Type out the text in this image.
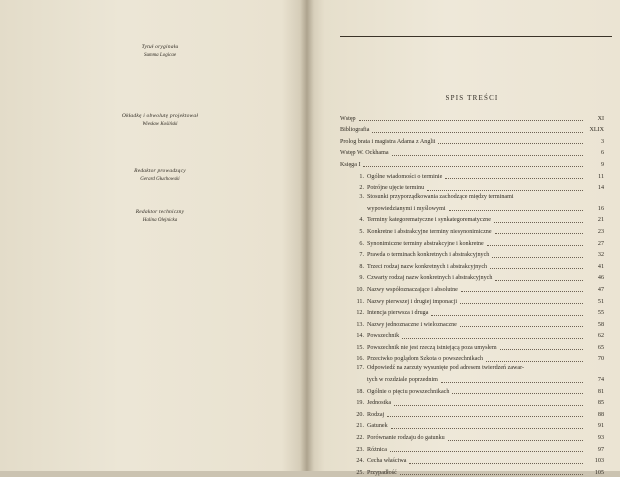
Tytuł oryginału
Summa Logicae
Okładkę i obwolutę projektował
Wiesław Kośiński
Redaktor prowadzący
Gerard Głuchowski
Redaktor techniczny
Halina Olejnicka
SPIS TREŚCI
Wstęp	XI
Bibliografia	XLIX
Prolog brata i magistra Adama z Anglii	3
Wstęp W. Ockhama	6
Księga I	9
1. Ogólne wiadomości o terminie	11
2. Potrójne ujęcie terminu	14
3. Stosunki przyporządkowania zachodzące między terminami
wypowiedzianymi i myślowymi	16
4. Terminy kategorematyczne i synkategorematyczne	21
5. Konkretne i abstrakcyjne terminy niesynonimiczne	23
6. Synonimiczne terminy abstrakcyjne i konkretne	27
7. Prawda o terminach konkretnych i abstrakcyjnych	32
8. Trzeci rodzaj nazw konkretnych i abstrakcyjnych	41
9. Czwarty rodzaj nazw konkretnych i abstrakcyjnych	46
10. Nazwy współoznaczające i absolutne	47
11. Nazwy pierwszej i drugiej imponacji	51
12. Intencja pierwsza i druga	55
13. Nazwy jednoznaczne i wieloznaczne	58
14. Powszechnik	62
15. Powszechnik nie jest rzeczą istniejącą poza umysłem	65
16. Przeciwko poglądom Szkota o powszechnikach	70
17. Odpowiedź na zarzuty wysunięte pod adresem twierdzeń zawar-
tych w rozdziale poprzednim	74
18. Ogólnie o pięciu powszechnikach	81
19. Jednostka	85
20. Rodzaj	88
21. Gatunek	91
22. Porównanie rodzaju do gatunku	93
23. Różnica	97
24. Cecha właściwa	103
25. Przypadłość	105
